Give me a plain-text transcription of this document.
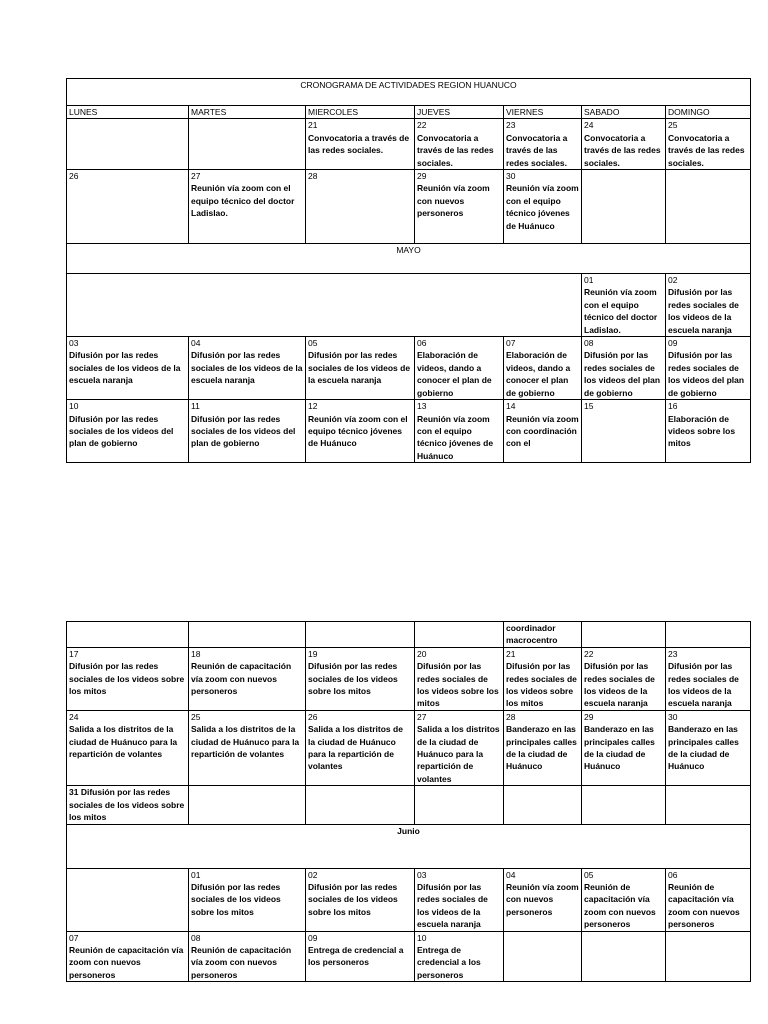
CRONOGRAMA DE ACTIVIDADES REGION HUANUCO						
LUNES	MARTES	MIERCOLES	JUEVES	VIERNES	SABADO	DOMINGO

		21
Convocatoria a través de las redes sociales.	22
Convocatoria a través de las redes sociales.	23
Convocatoria a través de las redes sociales.	24
Convocatoria a través de las redes sociales.	25
Convocatoria a través de las redes sociales.

26	27
Reunión vía zoom con el equipo técnico del doctor Ladislao.	28	29
Reunión vía zoom con nuevos personeros	30
Reunión vía zoom con el equipo técnico jóvenes de Huánuco		

MAYO						

					01
Reunión vía zoom con el equipo técnico del doctor Ladislao.	02
Difusión por las redes sociales de los videos de la escuela naranja

03
Difusión por las redes sociales de los videos de la escuela naranja	04
Difusión por las redes sociales de los videos de la escuela naranja	05
Difusión por las redes sociales de los videos de la escuela naranja	06
Elaboración de videos, dando a conocer el plan de gobierno	07
Elaboración de videos, dando a conocer el plan de gobierno	08
Difusión por las redes sociales de los videos del plan de gobierno	09
Difusión por las redes sociales de los videos del plan de gobierno

10
Difusión por las redes sociales de los videos del plan de gobierno	11
Difusión por las redes sociales de los videos del plan de gobierno	12
Reunión vía zoom con el equipo técnico jóvenes de Huánuco	13
Reunión vía zoom con el equipo técnico jóvenes de Huánuco	14
Reunión vía zoom con coordinación con el	15	16
Elaboración de videos sobre los mitos

				coordinador macrocentro		

17
Difusión por las redes sociales de los videos sobre los mitos	18
Reunión de capacitación vía zoom con nuevos personeros	19
Difusión por las redes sociales de los videos sobre los mitos	20
Difusión por las redes sociales de los videos sobre los mitos	21
Difusión por las redes sociales de los videos sobre los mitos	22
Difusión por las redes sociales de los videos de la escuela naranja	23
Difusión por las redes sociales de los videos de la escuela naranja

24
Salida a los distritos de la ciudad de Huánuco para la repartición de volantes	25
Salida a los distritos de la ciudad de Huánuco para la repartición de volantes	26
Salida a los distritos de la ciudad de Huánuco para la repartición de volantes	27
Salida a los distritos de la ciudad de Huánuco para la repartición de volantes	28
Banderazo en las principales calles de la ciudad de Huánuco	29
Banderazo en las principales calles de la ciudad de Huánuco	30
Banderazo en las principales calles de la ciudad de Huánuco

31 Difusión por las redes sociales de los videos sobre los mitos						

Junio						

	01
Difusión por las redes sociales de los videos sobre los mitos	02
Difusión por las redes sociales de los videos sobre los mitos	03
Difusión por las redes sociales de los videos de la escuela naranja	04
Reunión vía zoom con nuevos personeros	05
Reunión de capacitación vía zoom con nuevos personeros	06
Reunión de capacitación vía zoom con nuevos personeros

07
Reunión de capacitación vía zoom con nuevos personeros	08
Reunión de capacitación vía zoom con nuevos personeros	09
Entrega de credencial a los personeros	10
Entrega de credencial a los personeros			
